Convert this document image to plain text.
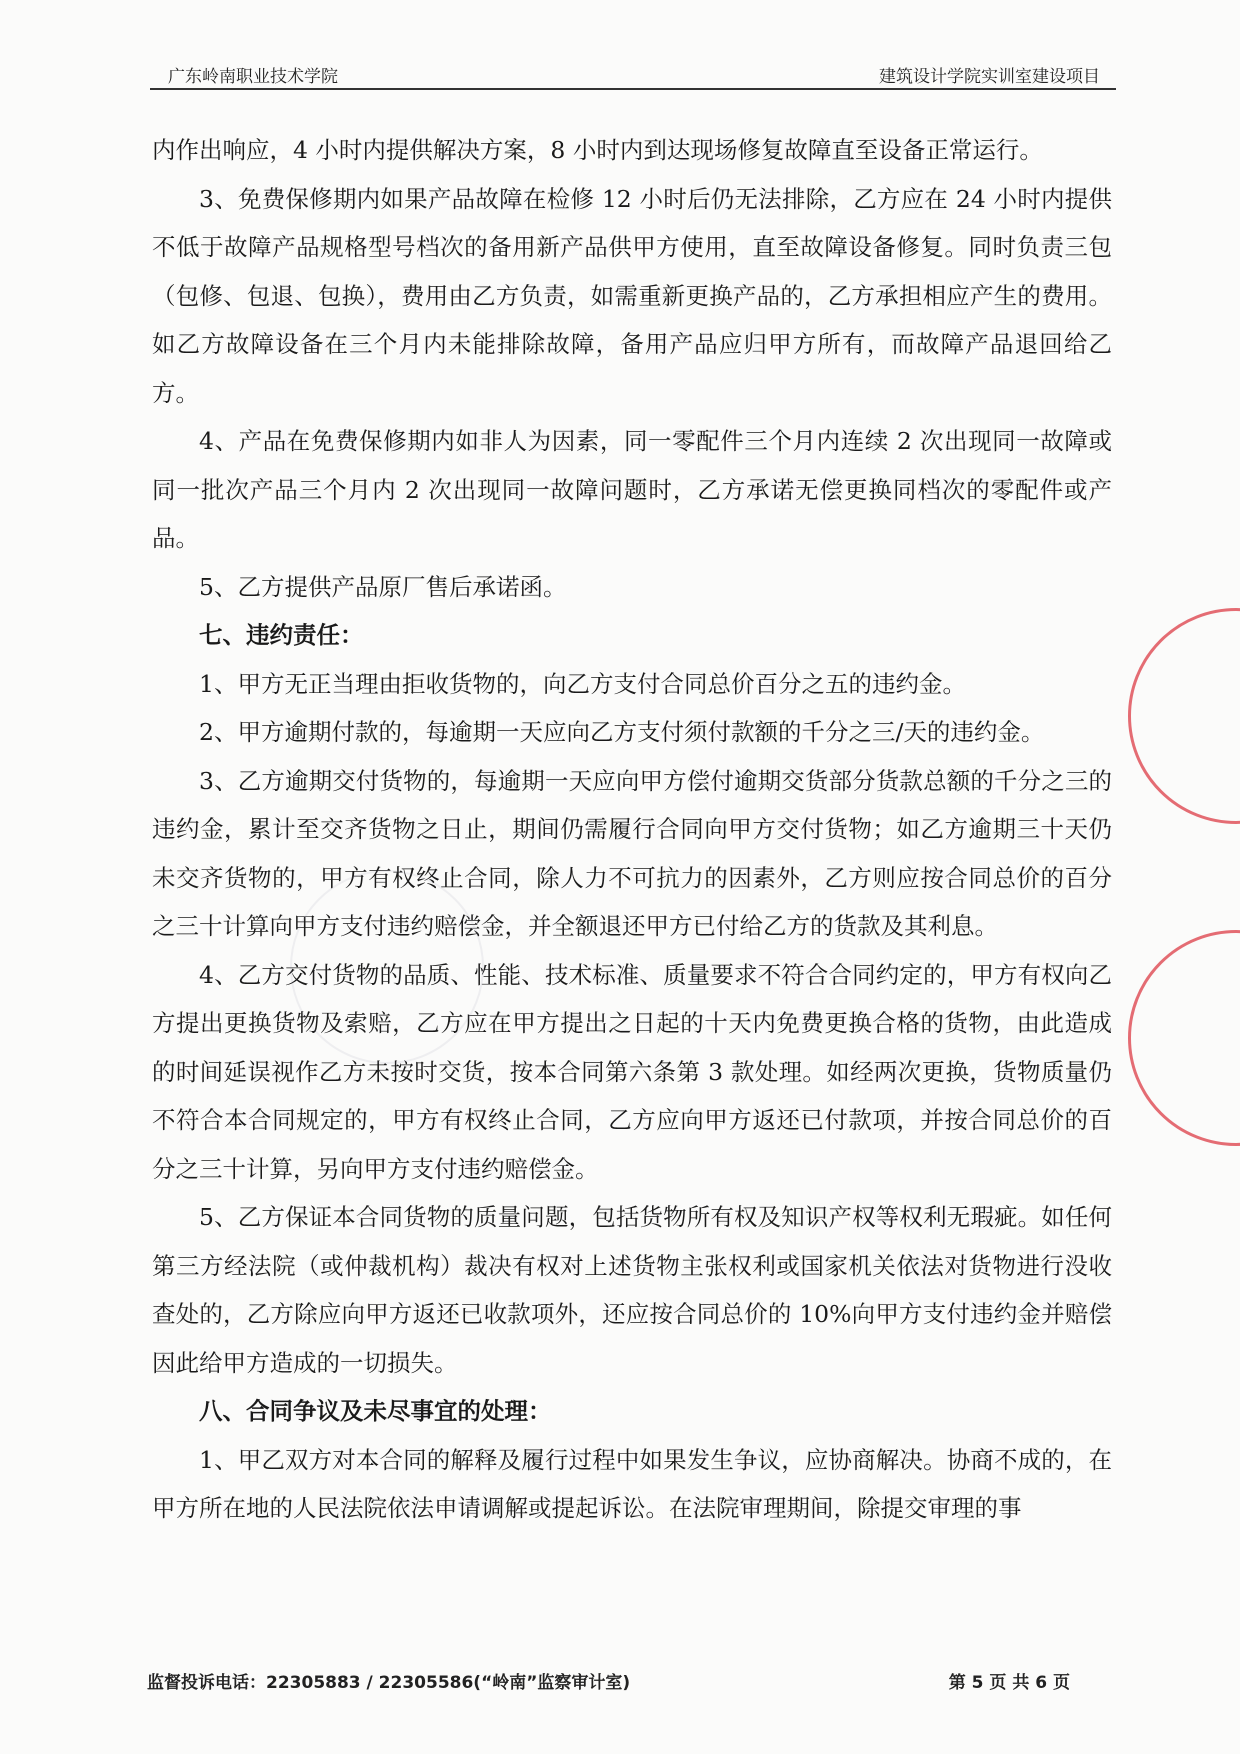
广东岭南职业技术学院	建筑设计学院实训室建设项目

内作出响应，4 小时内提供解决方案，8 小时内到达现场修复故障直至设备正常运行。

3、免费保修期内如果产品故障在检修 12 小时后仍无法排除，乙方应在 24 小时内提供不低于故障产品规格型号档次的备用新产品供甲方使用，直至故障设备修复。同时负责三包（包修、包退、包换），费用由乙方负责，如需重新更换产品的，乙方承担相应产生的费用。如乙方故障设备在三个月内未能排除故障，备用产品应归甲方所有，而故障产品退回给乙方。

4、产品在免费保修期内如非人为因素，同一零配件三个月内连续 2 次出现同一故障或同一批次产品三个月内 2 次出现同一故障问题时，乙方承诺无偿更换同档次的零配件或产品。

5、乙方提供产品原厂售后承诺函。

七、违约责任：

1、甲方无正当理由拒收货物的，向乙方支付合同总价百分之五的违约金。

2、甲方逾期付款的，每逾期一天应向乙方支付须付款额的千分之三/天的违约金。

3、乙方逾期交付货物的，每逾期一天应向甲方偿付逾期交货部分货款总额的千分之三的违约金，累计至交齐货物之日止，期间仍需履行合同向甲方交付货物；如乙方逾期三十天仍未交齐货物的，甲方有权终止合同，除人力不可抗力的因素外，乙方则应按合同总价的百分之三十计算向甲方支付违约赔偿金，并全额退还甲方已付给乙方的货款及其利息。

4、乙方交付货物的品质、性能、技术标准、质量要求不符合合同约定的，甲方有权向乙方提出更换货物及索赔，乙方应在甲方提出之日起的十天内免费更换合格的货物，由此造成的时间延误视作乙方未按时交货，按本合同第六条第 3 款处理。如经两次更换，货物质量仍不符合本合同规定的，甲方有权终止合同，乙方应向甲方返还已付款项，并按合同总价的百分之三十计算，另向甲方支付违约赔偿金。

5、乙方保证本合同货物的质量问题，包括货物所有权及知识产权等权利无瑕疵。如任何第三方经法院（或仲裁机构）裁决有权对上述货物主张权利或国家机关依法对货物进行没收查处的，乙方除应向甲方返还已收款项外，还应按合同总价的 10%向甲方支付违约金并赔偿因此给甲方造成的一切损失。

八、合同争议及未尽事宜的处理：

1、甲乙双方对本合同的解释及履行过程中如果发生争议，应协商解决。协商不成的，在甲方所在地的人民法院依法申请调解或提起诉讼。在法院审理期间，除提交审理的事

监督投诉电话：22305883 / 22305586(“岭南”监察审计室)	第 5 页 共 6 页
